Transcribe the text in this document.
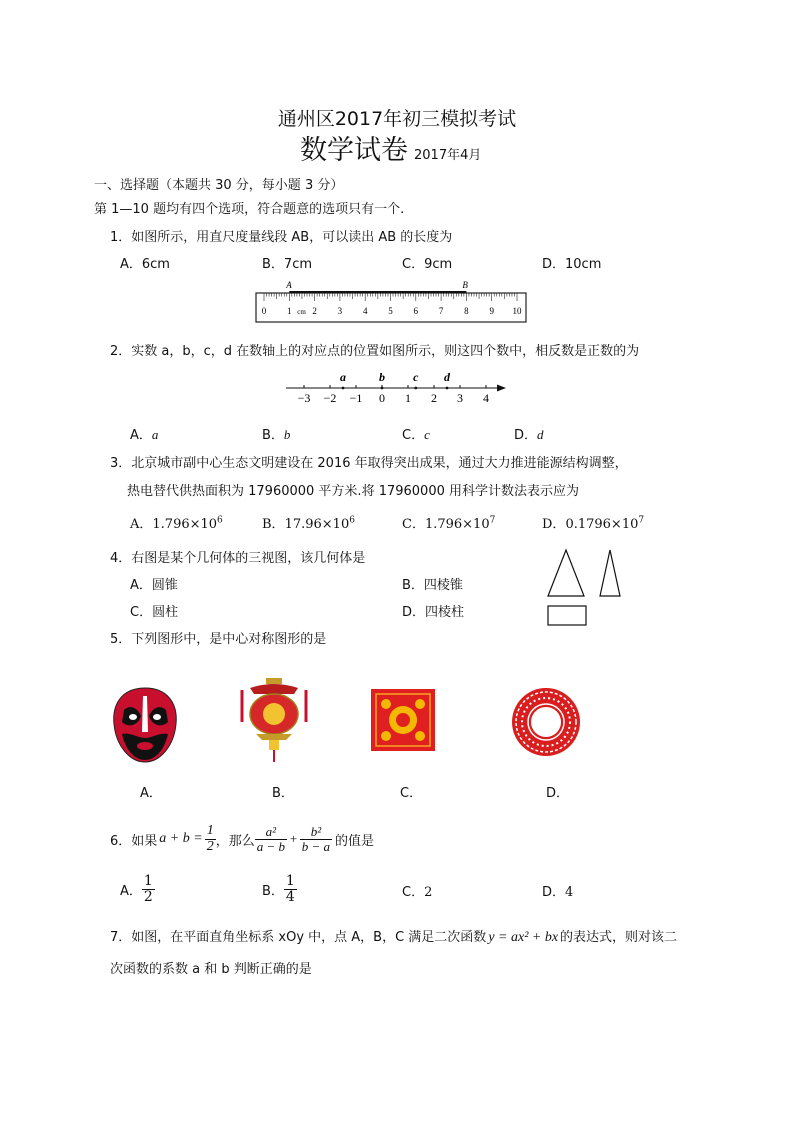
通州区2017年初三模拟考试
数学试卷 2017年4月
一、选择题（本题共 30 分，每小题 3 分）
第 1—10 题均有四个选项，符合题意的选项只有一个.
1．如图所示，用直尺度量线段 AB，可以读出 AB 的长度为
A．6cm	B．7cm	C．9cm	D．10cm
0 1 2 3 4 5 6 7 8 9 10
cm
A	B
2．实数 a，b，c，d 在数轴上的对应点的位置如图所示，则这四个数中，相反数是正数的为
−3 −2 −1 0 1 2 3 4
a	b c d
A．a	B．b	C．c	D．d
3．北京城市副中心生态文明建设在 2016 年取得突出成果，通过大力推进能源结构调整，
热电替代供热面积为 17960000 平方米.将 17960000 用科学计数法表示应为
A．$1.796\times 10^6$	B．$17.96\times 10^6$	C．$1.796\times 10^7$	D．$0.1796\times 10^7$
4．右图是某个几何体的三视图，该几何体是
A．圆锥	B．四棱锥
C．圆柱	D．四棱柱
5．下列图形中，是中心对称图形的是
A．	B．	C．	D．
6．如果 $a + b = \frac{1}{2}$ ，那么 $\frac{\text{a²}}{a - b} + \frac{\text{b²}}{b - a}$ 的值是
A． $\frac{1}{2}$	B． $\frac{1}{4}$	C．2	D．4
7．如图，在平面直角坐标系 xOy 中，点 A，B，C 满足二次函数 y = ax² + bx 的表达式，则对该二
次函数的系数 a 和 b 判断正确的是
